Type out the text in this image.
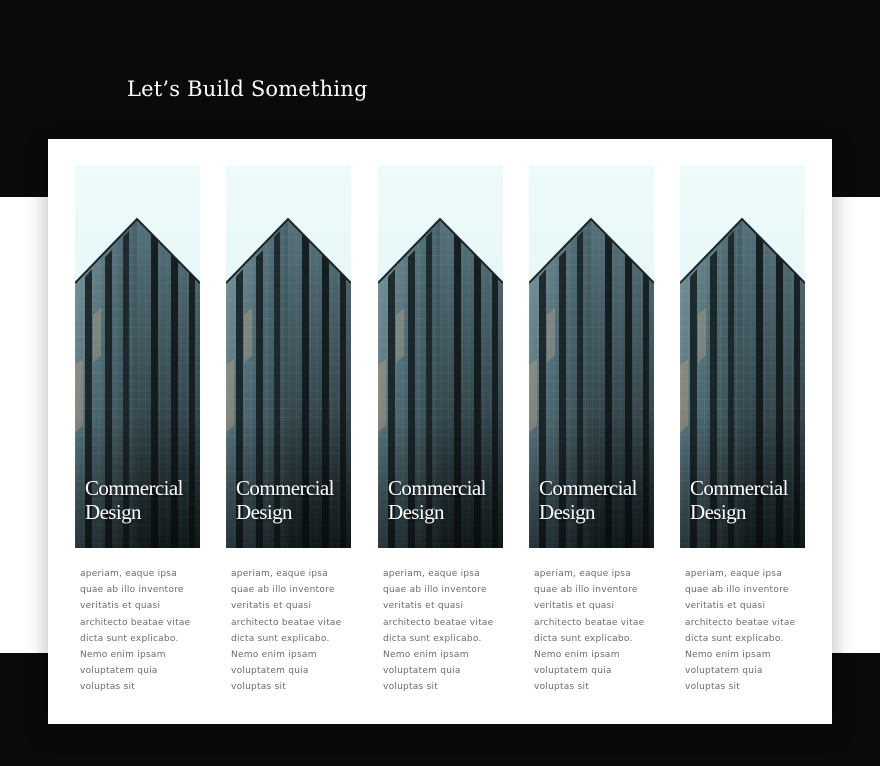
Let’s Build Something
Commercial
Design

aperiam, eaque ipsa quae ab illo inventore veritatis et quasi architecto beatae vitae dicta sunt explicabo. Nemo enim ipsam voluptatem quia voluptas sit

Commercial
Design

aperiam, eaque ipsa quae ab illo inventore veritatis et quasi architecto beatae vitae dicta sunt explicabo. Nemo enim ipsam voluptatem quia voluptas sit

Commercial
Design

aperiam, eaque ipsa quae ab illo inventore veritatis et quasi architecto beatae vitae dicta sunt explicabo. Nemo enim ipsam voluptatem quia voluptas sit

Commercial
Design

aperiam, eaque ipsa quae ab illo inventore veritatis et quasi architecto beatae vitae dicta sunt explicabo. Nemo enim ipsam voluptatem quia voluptas sit

Commercial
Design

aperiam, eaque ipsa quae ab illo inventore veritatis et quasi architecto beatae vitae dicta sunt explicabo. Nemo enim ipsam voluptatem quia voluptas sit
